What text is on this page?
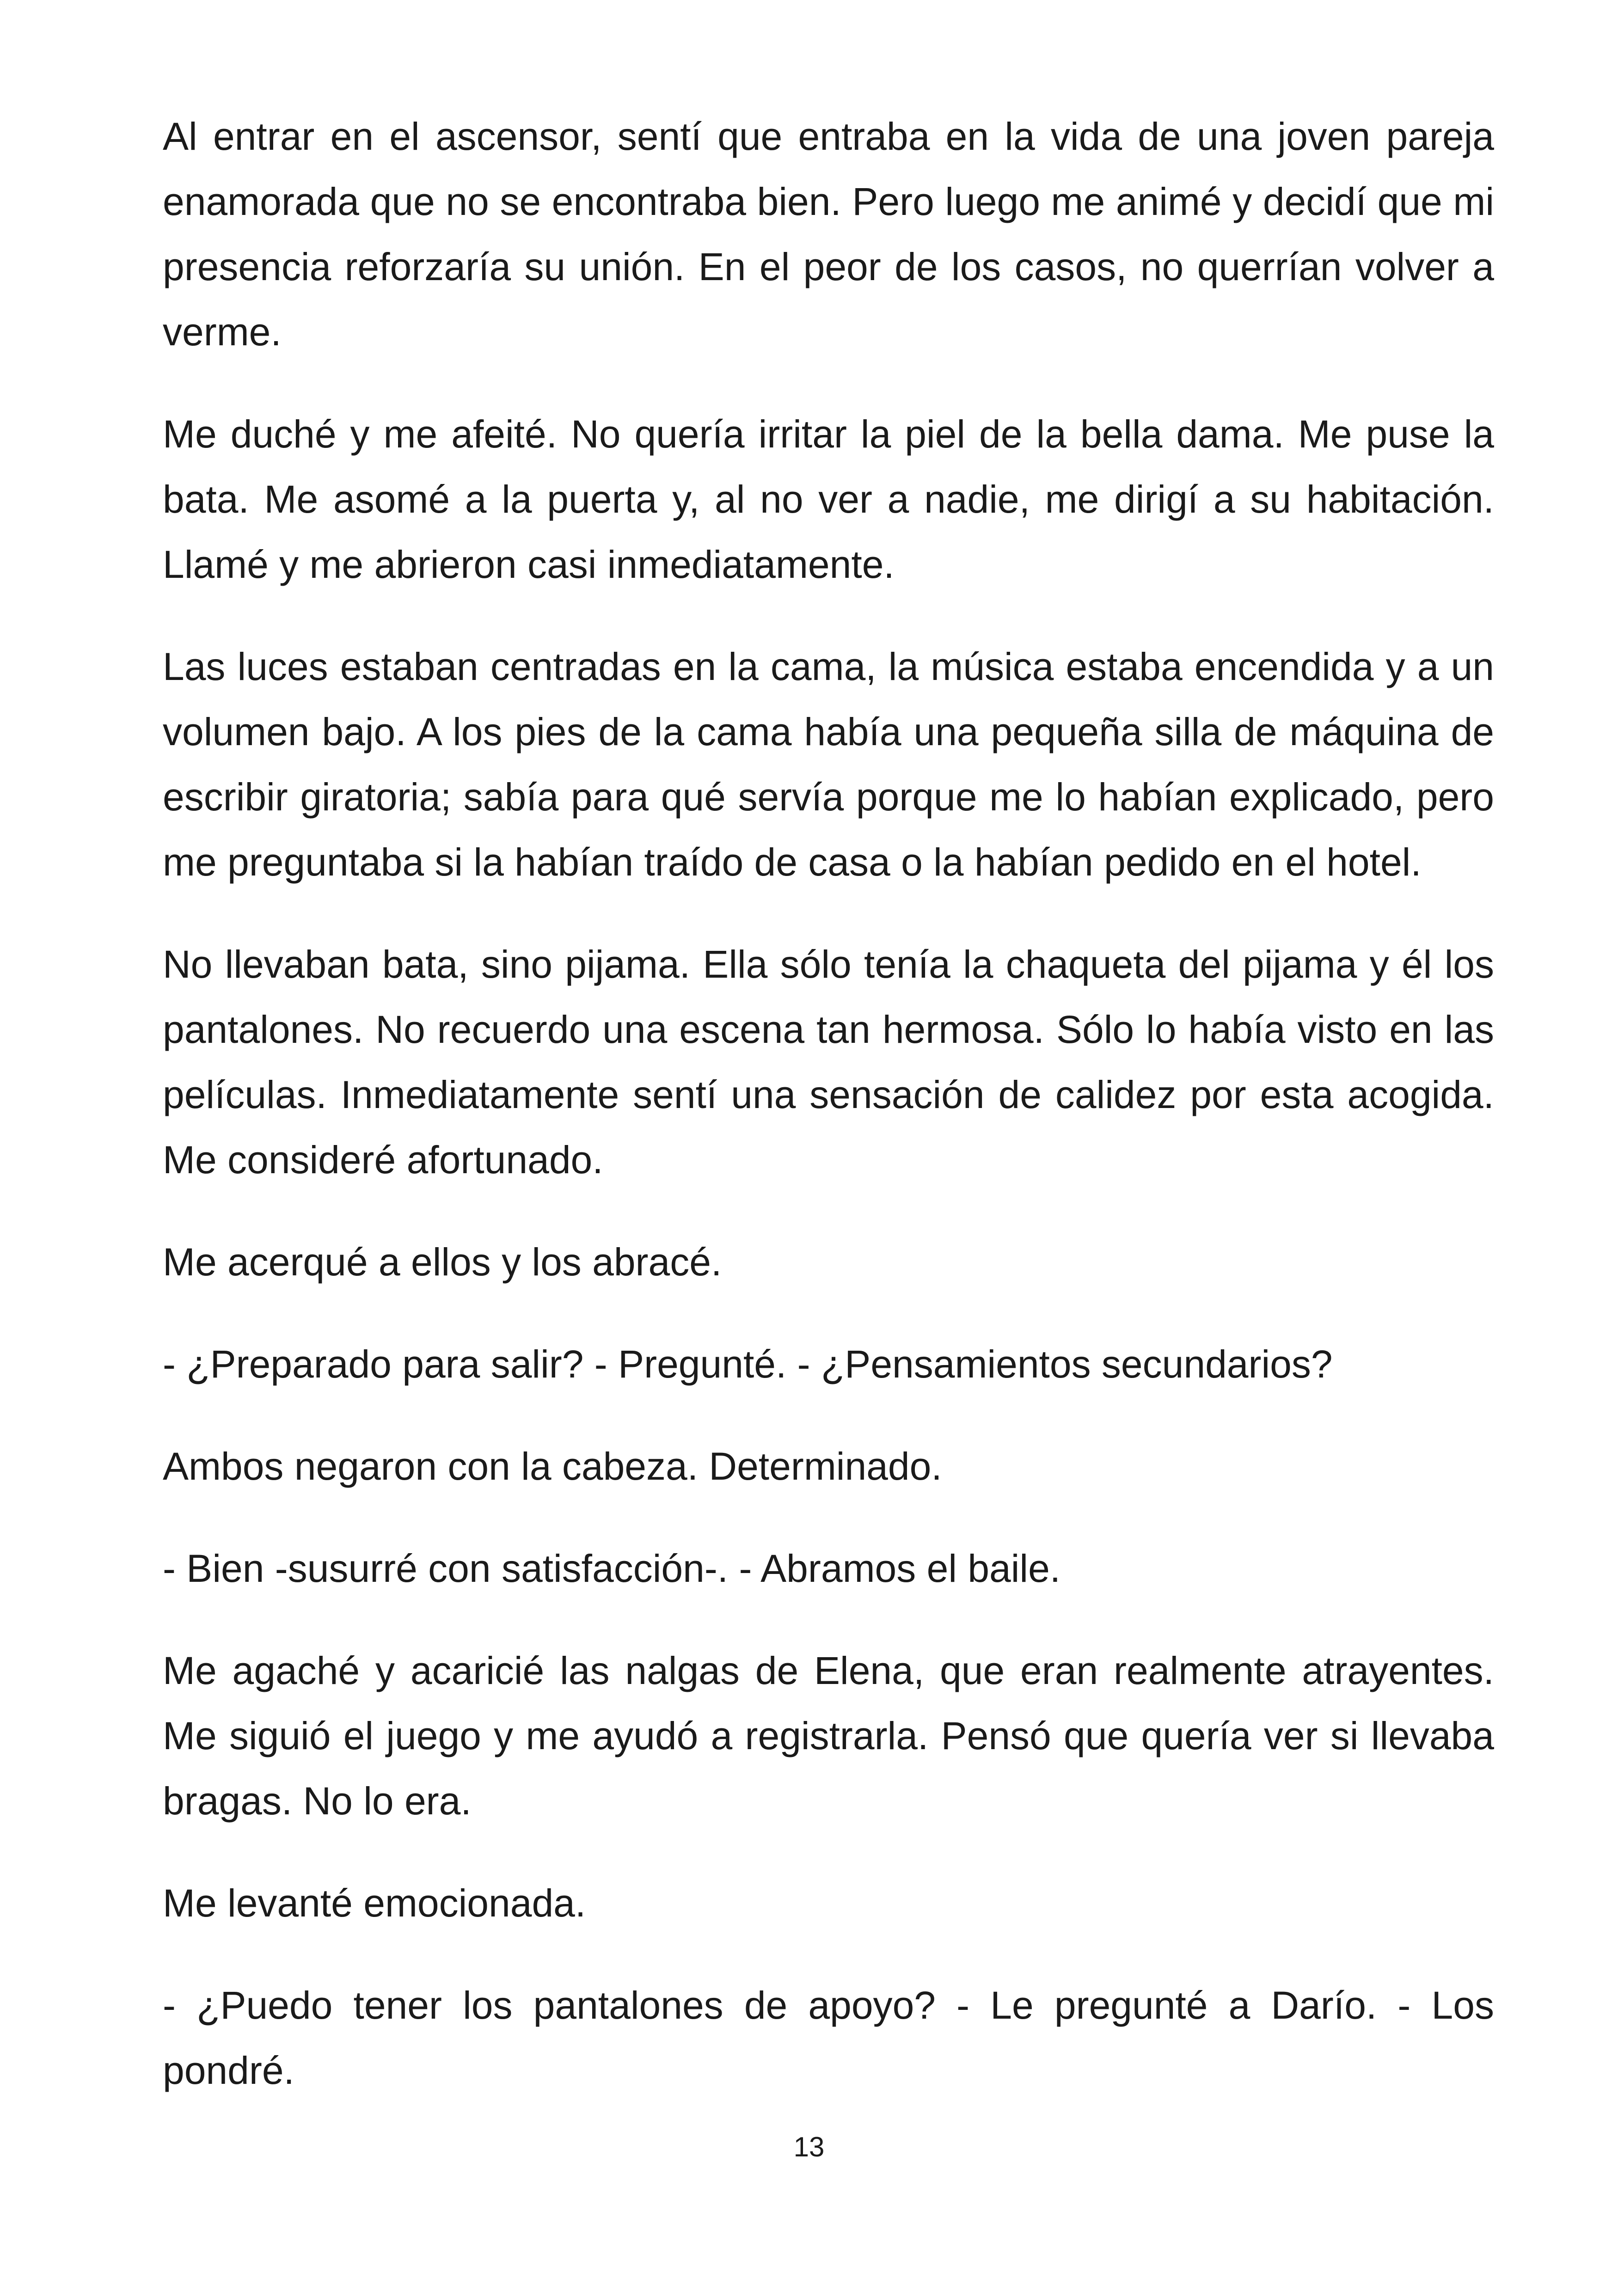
Al entrar en el ascensor, sentí que entraba en la vida de una joven pareja enamorada que no se encontraba bien. Pero luego me animé y decidí que mi presencia reforzaría su unión. En el peor de los casos, no querrían volver a verme.

Me duché y me afeité. No quería irritar la piel de la bella dama. Me puse la bata. Me asomé a la puerta y, al no ver a nadie, me dirigí a su habitación. Llamé y me abrieron casi inmediatamente.

Las luces estaban centradas en la cama, la música estaba encendida y a un volumen bajo. A los pies de la cama había una pequeña silla de máquina de escribir giratoria; sabía para qué servía porque me lo habían explicado, pero me preguntaba si la habían traído de casa o la habían pedido en el hotel.

No llevaban bata, sino pijama. Ella sólo tenía la chaqueta del pijama y él los pantalones. No recuerdo una escena tan hermosa. Sólo lo había visto en las películas. Inmediatamente sentí una sensación de calidez por esta acogida. Me consideré afortunado.

Me acerqué a ellos y los abracé.

- ¿Preparado para salir? - Pregunté. - ¿Pensamientos secundarios?

Ambos negaron con la cabeza. Determinado.

- Bien -susurré con satisfacción-. - Abramos el baile.

Me agaché y acaricié las nalgas de Elena, que eran realmente atrayentes. Me siguió el juego y me ayudó a registrarla. Pensó que quería ver si llevaba bragas. No lo era.

Me levanté emocionada.

- ¿Puedo tener los pantalones de apoyo? - Le pregunté a Darío. - Los pondré.

13
